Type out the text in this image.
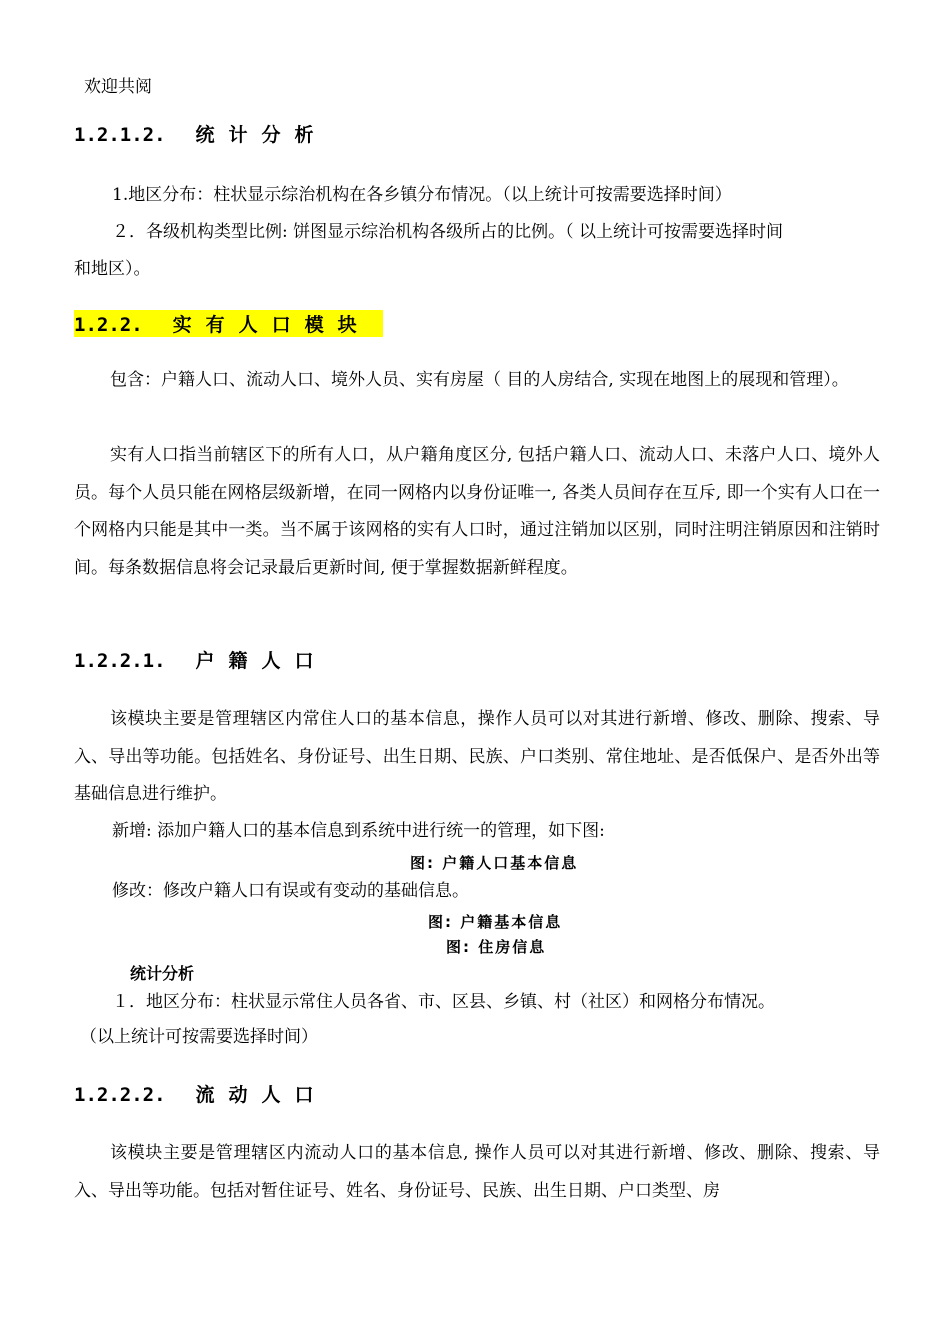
欢迎共阅
1.2.1.2. 统计分析
1.地区分布：柱状显示综治机构在各乡镇分布情况。（以上统计可按需要选择时间）
２．各级机构类型比例: 饼图显示综治机构各级所占的比例。（ 以上统计可按需要选择时间
和地区）。
1.2.2. 实有人口模块
包含：户籍人口、流动人口、境外人员、实有房屋（ 目的人房结合, 实现在地图上的展现和管理）。
实有人口指当前辖区下的所有人口，从户籍角度区分, 包括户籍人口、流动人口、未落户人口、境外人员。每个人员只能在网格层级新增，在同一网格内以身份证唯一, 各类人员间存在互斥, 即一个实有人口在一个网格内只能是其中一类。当不属于该网格的实有人口时，通过注销加以区别，同时注明注销原因和注销时间。每条数据信息将会记录最后更新时间, 便于掌握数据新鲜程度。
1.2.2.1. 户籍人口
该模块主要是管理辖区内常住人口的基本信息，操作人员可以对其进行新增、修改、删除、搜索、导入、导出等功能。包括姓名、身份证号、出生日期、民族、户口类别、常住地址、是否低保户、是否外出等基础信息进行维护。
新增: 添加户籍人口的基本信息到系统中进行统一的管理，如下图:
图: 户籍人口基本信息
修改：修改户籍人口有误或有变动的基础信息。
图: 户籍基本信息
图: 住房信息
统计分析
１．地区分布：柱状显示常住人员各省、市、区县、乡镇、村（社区）和网格分布情况。
（以上统计可按需要选择时间）
1.2.2.2. 流动人口
该模块主要是管理辖区内流动人口的基本信息, 操作人员可以对其进行新增、修改、删除、搜索、导入、导出等功能。包括对暂住证号、姓名、身份证号、民族、出生日期、户口类型、房
